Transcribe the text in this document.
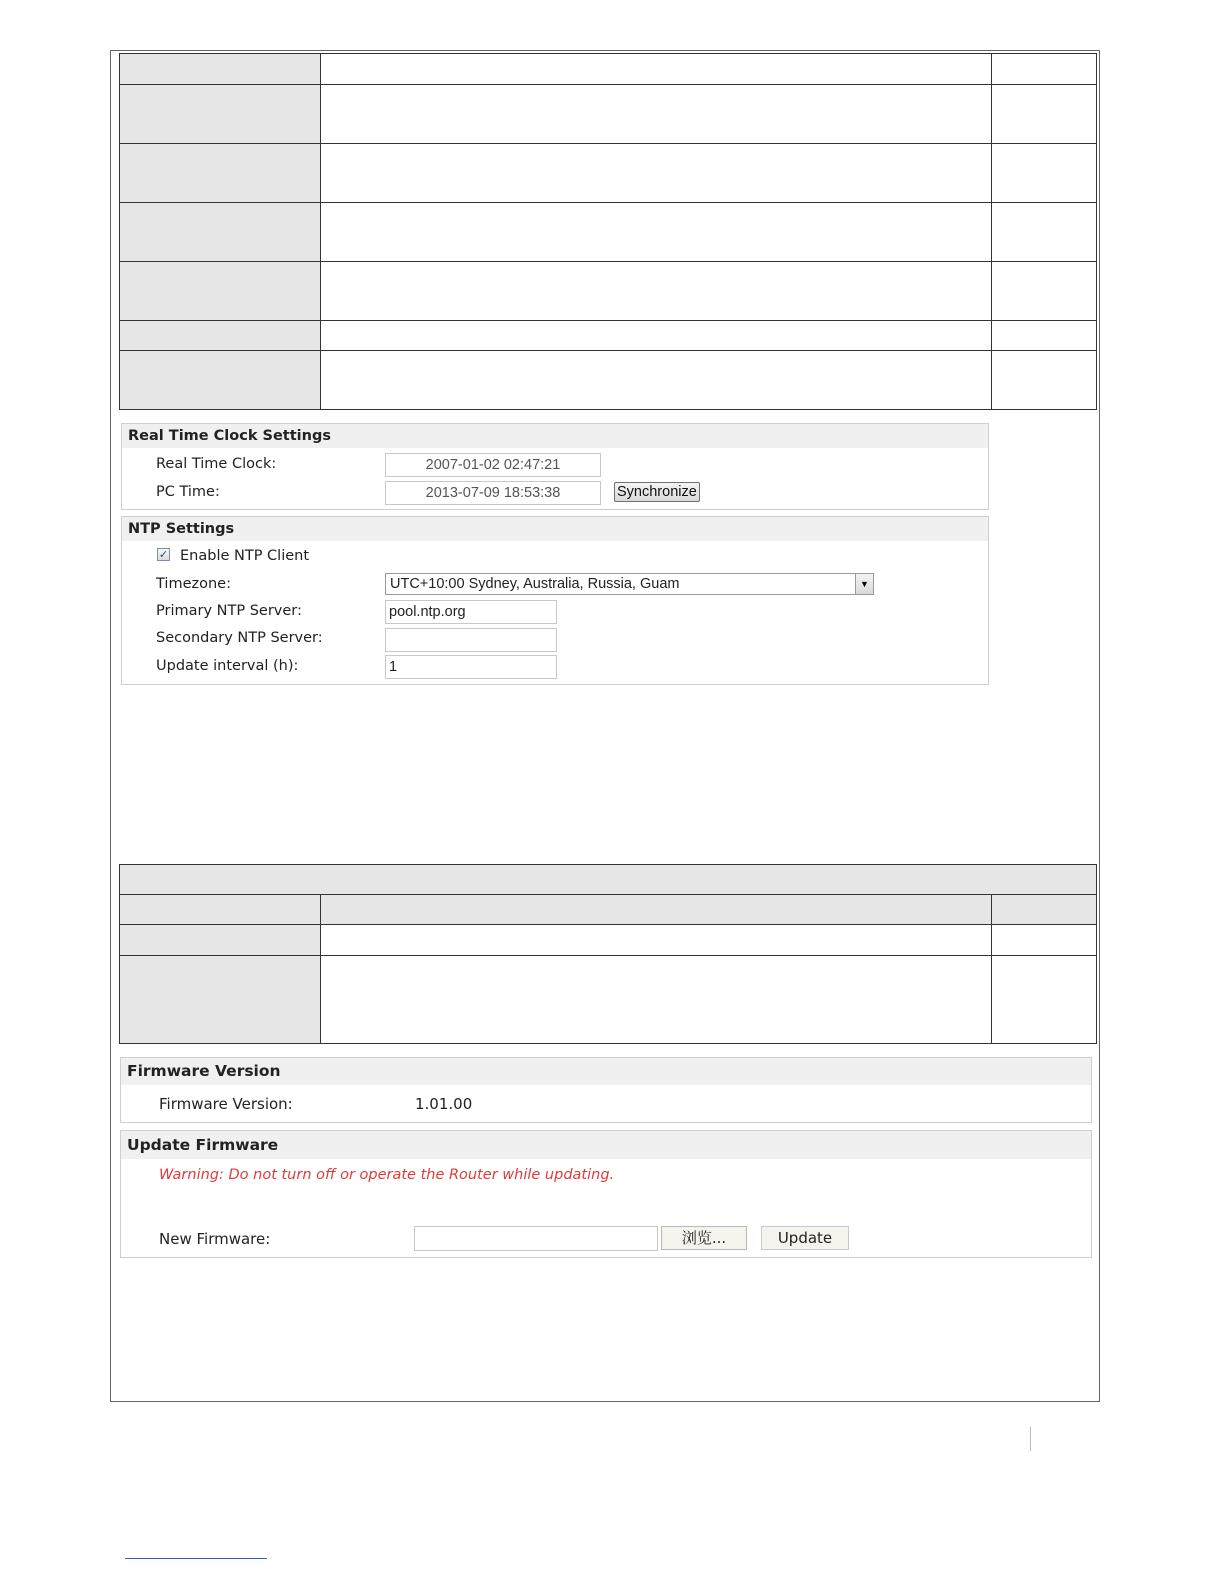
Real Time Clock Settings
Real Time Clock:	2007-01-02 02:47:21
PC Time:	2013-07-09 18:53:38	Synchronize
NTP Settings
✓ Enable NTP Client
Timezone:	UTC+10:00 Sydney, Australia, Russia, Guam	▼
Primary NTP Server:	pool.ntp.org
Secondary NTP Server:
Update interval (h):	1

Firmware Version
Firmware Version:	1.01.00
Update Firmware
Warning: Do not turn off or operate the Router while updating.
New Firmware:	浏览...	Update
